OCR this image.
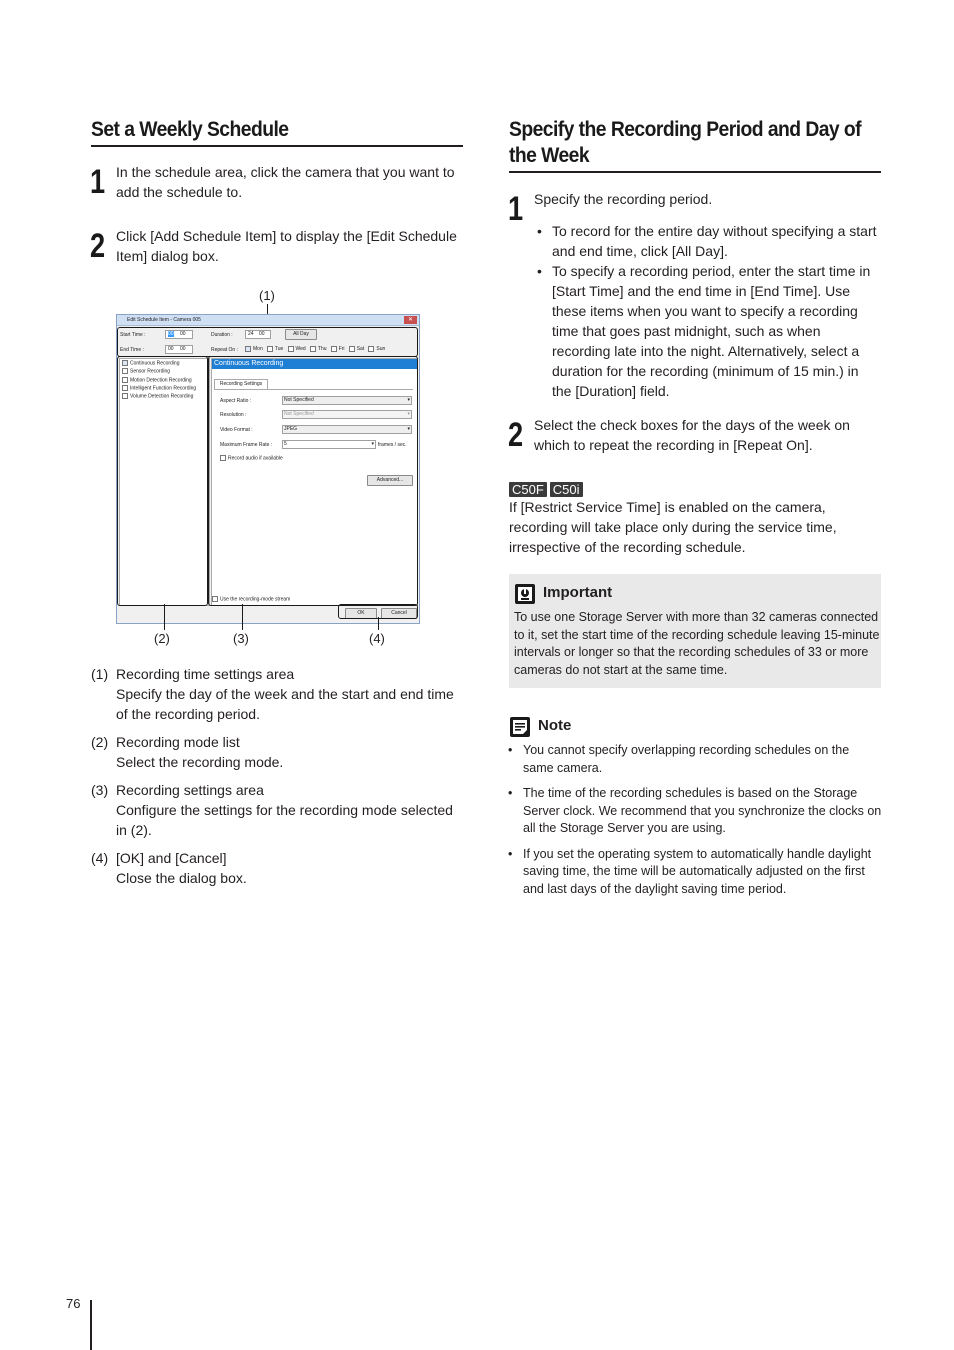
Set a Weekly Schedule
1 In the schedule area, click the camera that you want to add the schedule to.
2 Click [Add Schedule Item] to display the [Edit Schedule Item] dialog box.
(1)
Edit Schedule Item - Camera 005	✕
Start Time :	00 00
End Time :	00 00
Duration :	24 00	All Day
Repeat On :	Mon Tue Wed Thu Fri Sat Sun
Continuous Recording
Sensor Recording
Motion Detection Recording
Intelligent Function Recording
Volume Detection Recording
Continuous Recording
Recording Settings
Aspect Ratio :	Not Specified	▾
Resolution :	Not Specified	▾
Video Format :	JPEG	▾
Maximum Frame Rate : 5	▾ frames / sec.
Record audio if available
Advanced...
Use the recording-mode stream
OK	Cancel
(2)	(3)	(4)
(1) Recording time settings area
Specify the day of the week and the start and end time of the recording period.
(2) Recording mode list
Select the recording mode.
(3) Recording settings area
Configure the settings for the recording mode selected in (2).
(4) [OK] and [Cancel]
Close the dialog box.
Specify the Recording Period and Day of the Week
1 Specify the recording period.
• To record for the entire day without specifying a start and end time, click [All Day].
• To specify a recording period, enter the start time in [Start Time] and the end time in [End Time]. Use these items when you want to specify a recording time that goes past midnight, such as when recording late into the night. Alternatively, select a duration for the recording (minimum of 15 min.) in the [Duration] field.
2 Select the check boxes for the days of the week on which to repeat the recording in [Repeat On].
C50F C50i
If [Restrict Service Time] is enabled on the camera, recording will take place only during the service time, irrespective of the recording schedule.
Important
To use one Storage Server with more than 32 cameras connected to it, set the start time of the recording schedule leaving 15-minute intervals or longer so that the recording schedules of 33 or more cameras do not start at the same time.
Note
• You cannot specify overlapping recording schedules on the same camera.
• The time of the recording schedules is based on the Storage Server clock. We recommend that you synchronize the clocks on all the Storage Server you are using.
• If you set the operating system to automatically handle daylight saving time, the time will be automatically adjusted on the first and last days of the daylight saving time period.
76
